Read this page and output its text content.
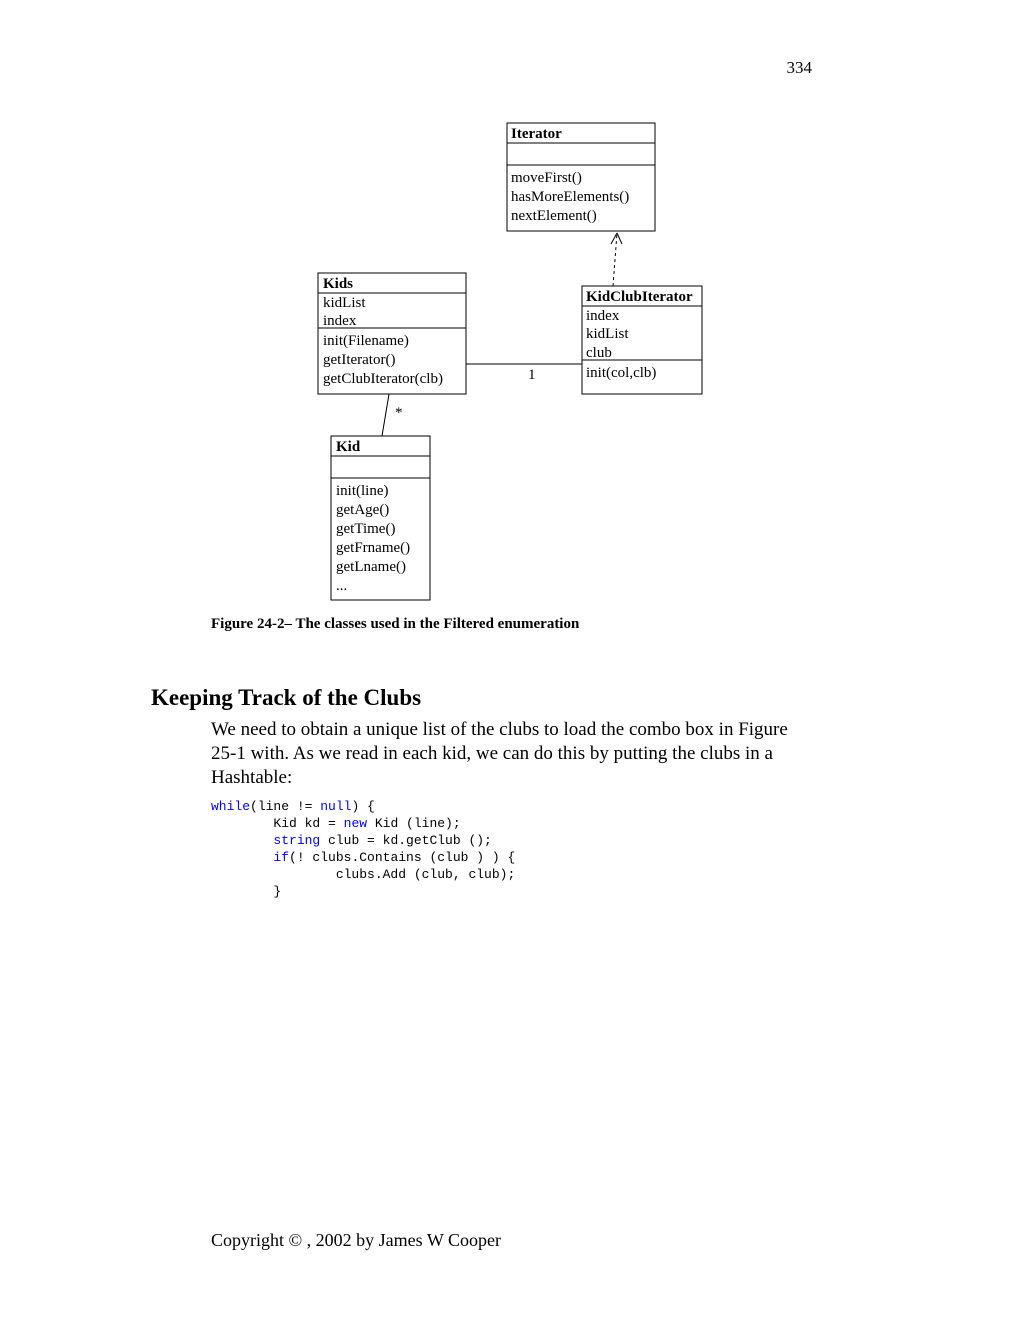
334
Iterator
moveFirst()
hasMoreElements()
nextElement()
Kids
kidList
index
init(Filename)
getIterator()
getClubIterator(clb)
KidClubIterator
index
kidList
club
init(col,clb)
Kid
init(line)
getAge()
getTime()
getFrname()
getLname()
...
1
*
Figure 24-2– The classes used in the Filtered enumeration
Keeping Track of the Clubs

We need to obtain a unique list of the clubs to load the combo box in Figure 25-1 with. As we read in each kid, we can do this by putting the clubs in a Hashtable:

while(line != null) {
Kid kd = new Kid (line);
string club = kd.getClub ();
if(! clubs.Contains (club ) ) {
clubs.Add (club, club);
}
Copyright © , 2002 by James W Cooper
